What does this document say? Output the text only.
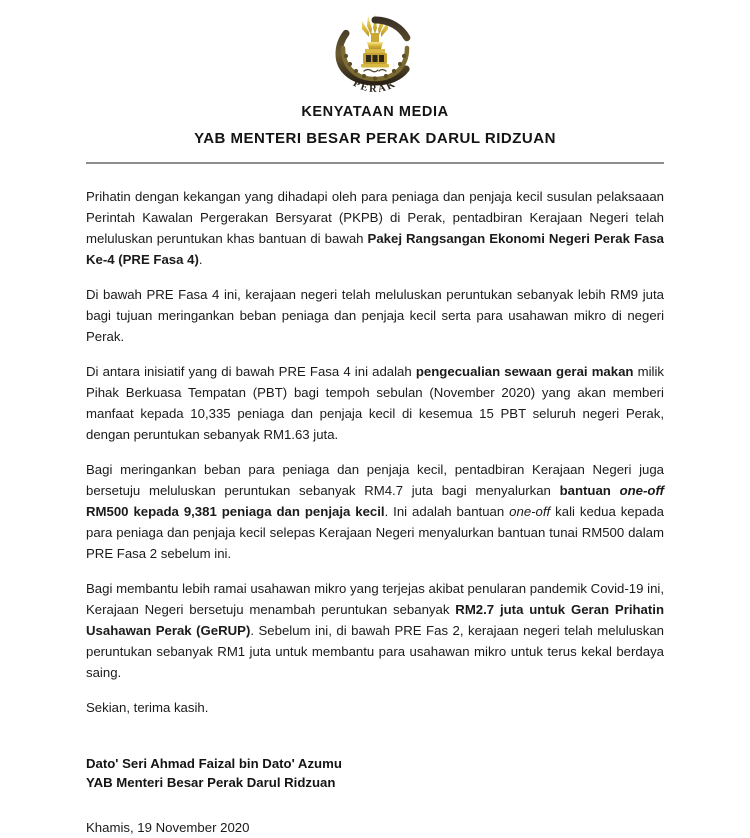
PERAK
KENYATAAN MEDIA
YAB MENTERI BESAR PERAK DARUL RIDZUAN

Prihatin dengan kekangan yang dihadapi oleh para peniaga dan penjaja kecil susulan pelaksaaan Perintah Kawalan Pergerakan Bersyarat (PKPB) di Perak, pentadbiran Kerajaan Negeri telah meluluskan peruntukan khas bantuan di bawah Pakej Rangsangan Ekonomi Negeri Perak Fasa Ke-4 (PRE Fasa 4).

Di bawah PRE Fasa 4 ini, kerajaan negeri telah meluluskan peruntukan sebanyak lebih RM9 juta bagi tujuan meringankan beban peniaga dan penjaja kecil serta para usahawan mikro di negeri Perak.

Di antara inisiatif yang di bawah PRE Fasa 4 ini adalah pengecualian sewaan gerai makan milik Pihak Berkuasa Tempatan (PBT) bagi tempoh sebulan (November 2020) yang akan memberi manfaat kepada 10,335 peniaga dan penjaja kecil di kesemua 15 PBT seluruh negeri Perak, dengan peruntukan sebanyak RM1.63 juta.

Bagi meringankan beban para peniaga dan penjaja kecil, pentadbiran Kerajaan Negeri juga bersetuju meluluskan peruntukan sebanyak RM4.7 juta bagi menyalurkan bantuan one-off RM500 kepada 9,381 peniaga dan penjaja kecil. Ini adalah bantuan one-off kali kedua kepada para peniaga dan penjaja kecil selepas Kerajaan Negeri menyalurkan bantuan tunai RM500 dalam PRE Fasa 2 sebelum ini.

Bagi membantu lebih ramai usahawan mikro yang terjejas akibat penularan pandemik Covid-19 ini, Kerajaan Negeri bersetuju menambah peruntukan sebanyak RM2.7 juta untuk Geran Prihatin Usahawan Perak (GeRUP). Sebelum ini, di bawah PRE Fas 2, kerajaan negeri telah meluluskan peruntukan sebanyak RM1 juta untuk membantu para usahawan mikro untuk terus kekal berdaya saing.

Sekian, terima kasih.

Dato' Seri Ahmad Faizal bin Dato' Azumu
YAB Menteri Besar Perak Darul Ridzuan
Khamis, 19 November 2020
